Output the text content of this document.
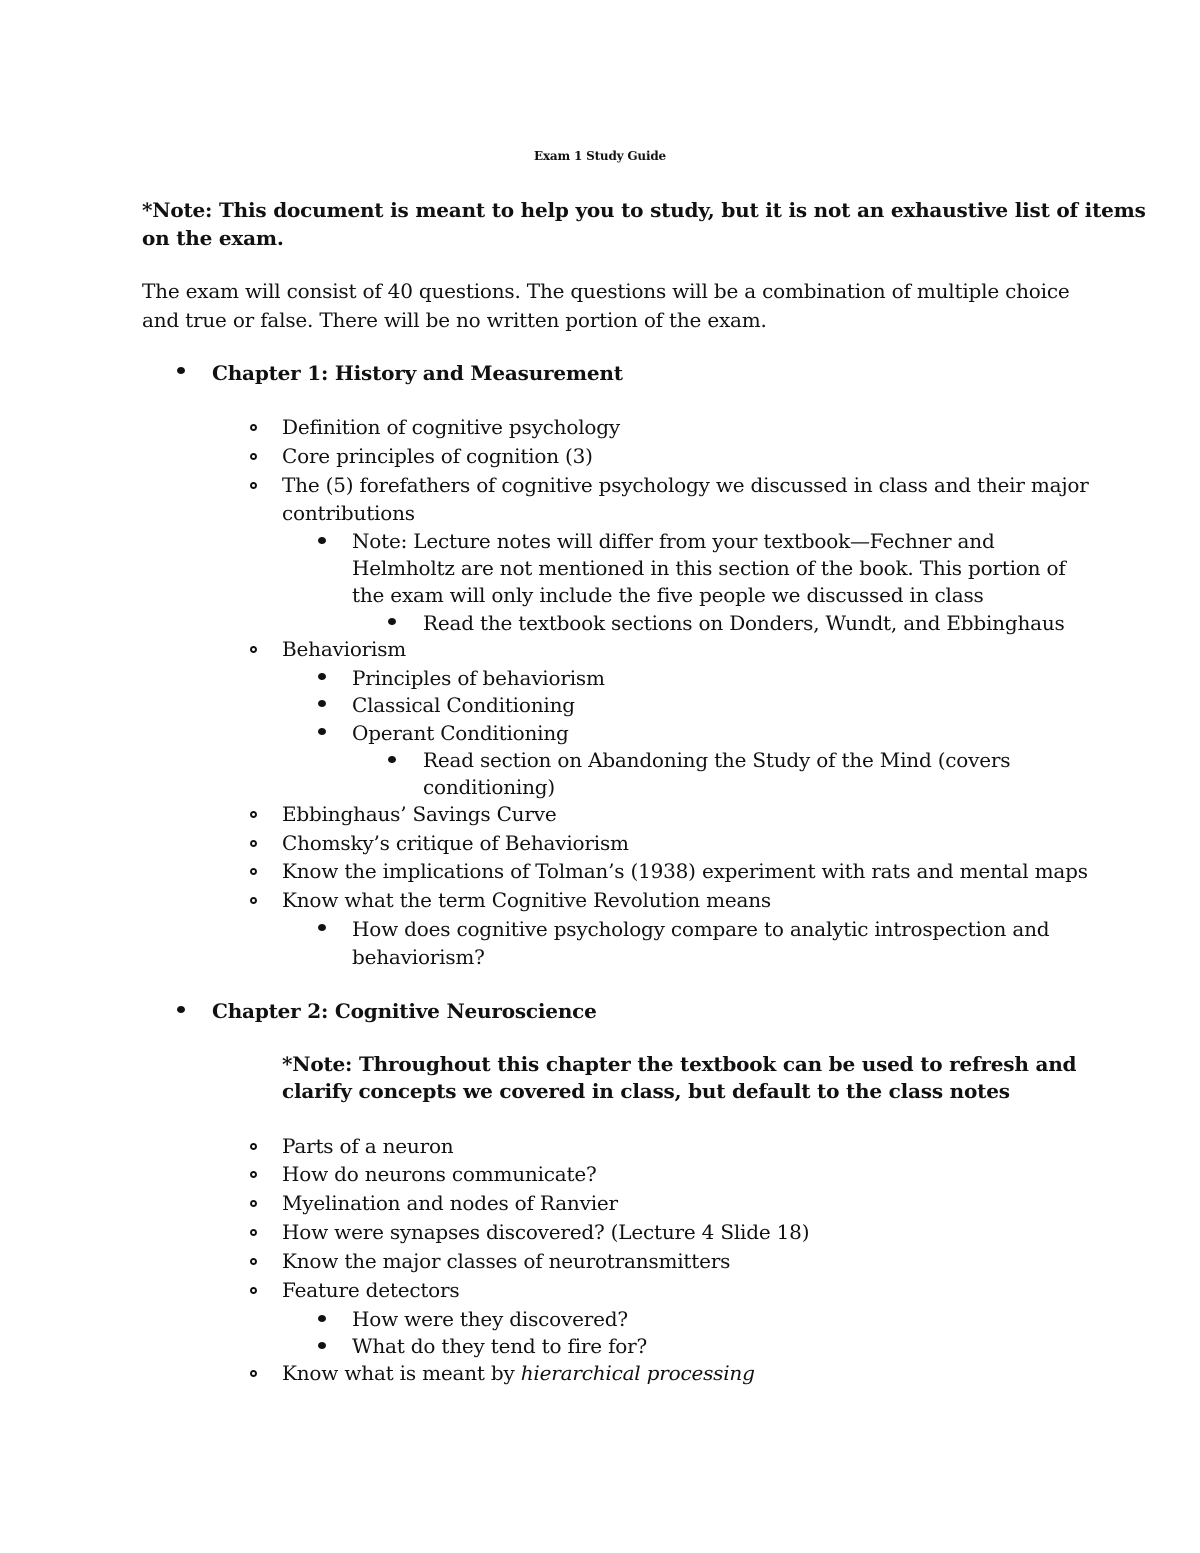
Exam 1 Study Guide
*Note: This document is meant to help you to study, but it is not an exhaustive list of items
on the exam.
The exam will consist of 40 questions. The questions will be a combination of multiple choice
and true or false. There will be no written portion of the exam.
Chapter 1: History and Measurement
Definition of cognitive psychology
Core principles of cognition (3)
The (5) forefathers of cognitive psychology we discussed in class and their major
contributions
Note: Lecture notes will differ from your textbook—Fechner and
Helmholtz are not mentioned in this section of the book. This portion of
the exam will only include the five people we discussed in class
Read the textbook sections on Donders, Wundt, and Ebbinghaus
Behaviorism
Principles of behaviorism
Classical Conditioning
Operant Conditioning
Read section on Abandoning the Study of the Mind (covers
conditioning)
Ebbinghaus’ Savings Curve
Chomsky’s critique of Behaviorism
Know the implications of Tolman’s (1938) experiment with rats and mental maps
Know what the term Cognitive Revolution means
How does cognitive psychology compare to analytic introspection and
behaviorism?
Chapter 2: Cognitive Neuroscience
*Note: Throughout this chapter the textbook can be used to refresh and
clarify concepts we covered in class, but default to the class notes
Parts of a neuron
How do neurons communicate?
Myelination and nodes of Ranvier
How were synapses discovered? (Lecture 4 Slide 18)
Know the major classes of neurotransmitters
Feature detectors
How were they discovered?
What do they tend to fire for?
Know what is meant by hierarchical processing
